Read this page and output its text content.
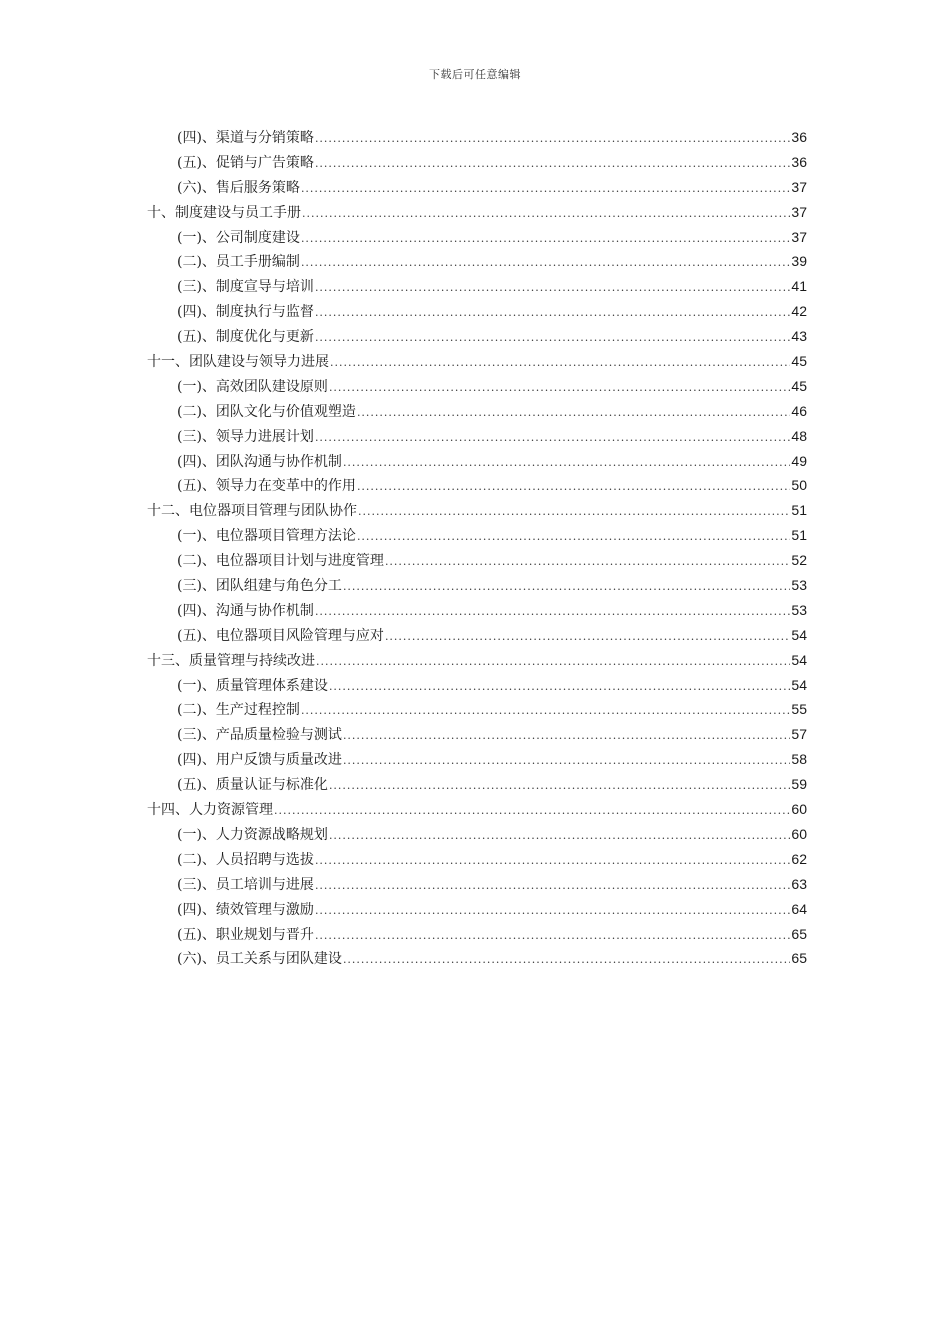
下载后可任意编辑
(四)、渠道与分销策略 .....	36
(五)、促销与广告策略 .....	36
(六)、售后服务策略 .....	37
十、制度建设与员工手册 .....	37
(一)、公司制度建设 .....	37
(二)、员工手册编制 .....	39
(三)、制度宣导与培训 .....	41
(四)、制度执行与监督 .....	42
(五)、制度优化与更新 .....	43
十一、团队建设与领导力进展 .....	45
(一)、高效团队建设原则 .....	45
(二)、团队文化与价值观塑造 .....	46
(三)、领导力进展计划 .....	48
(四)、团队沟通与协作机制 .....	49
(五)、领导力在变革中的作用 .....	50
十二、电位器项目管理与团队协作 .....	51
(一)、电位器项目管理方法论 .....	51
(二)、电位器项目计划与进度管理 .....	52
(三)、团队组建与角色分工 .....	53
(四)、沟通与协作机制 .....	53
(五)、电位器项目风险管理与应对 .....	54
十三、质量管理与持续改进 .....	54
(一)、质量管理体系建设 .....	54
(二)、生产过程控制 .....	55
(三)、产品质量检验与测试 .....	57
(四)、用户反馈与质量改进 .....	58
(五)、质量认证与标准化 .....	59
十四、人力资源管理 .....	60
(一)、人力资源战略规划 .....	60
(二)、人员招聘与选拔 .....	62
(三)、员工培训与进展 .....	63
(四)、绩效管理与激励 .....	64
(五)、职业规划与晋升 .....	65
(六)、员工关系与团队建设 .....	65
